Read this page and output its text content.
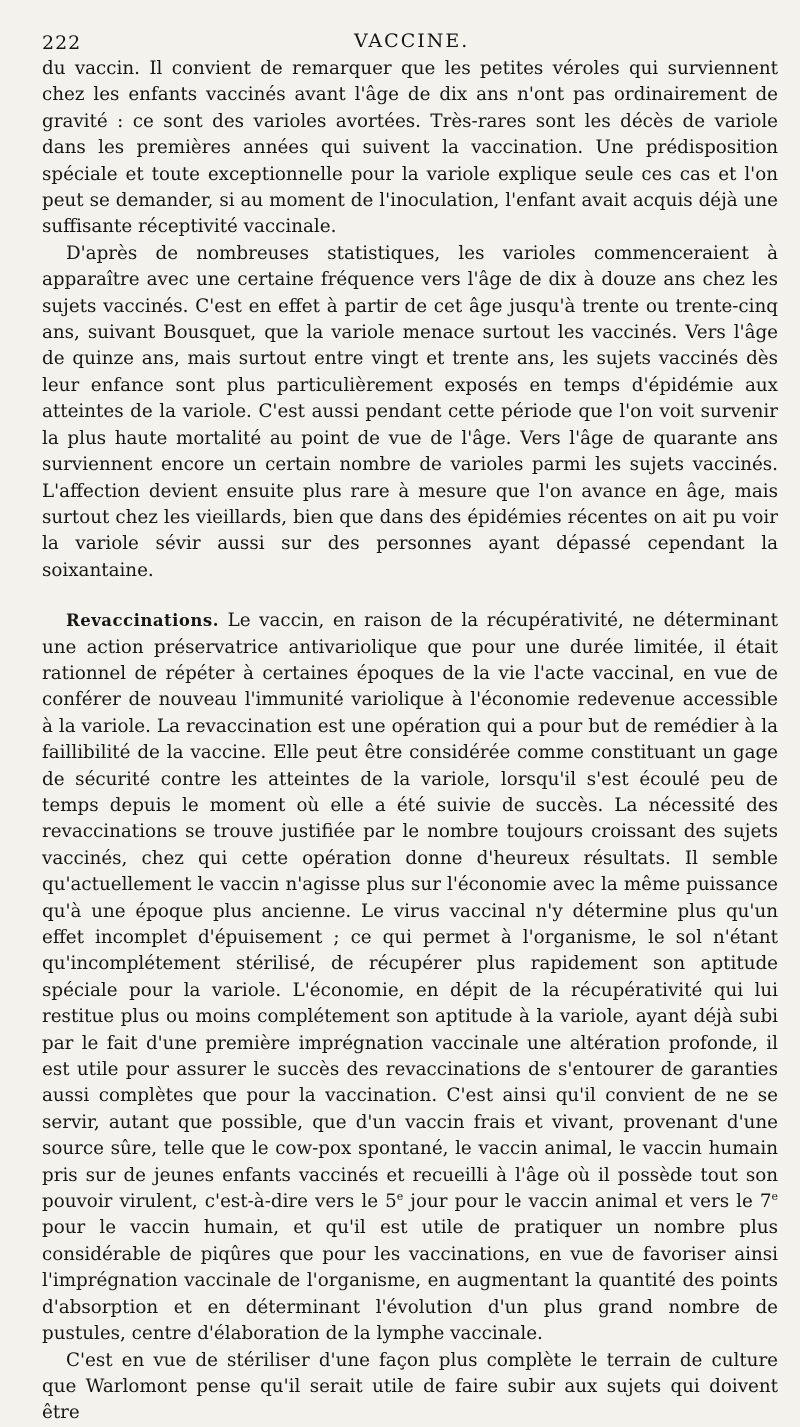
222	VACCINE.

du vaccin. Il convient de remarquer que les petites véroles qui surviennent chez les enfants vaccinés avant l'âge de dix ans n'ont pas ordinairement de gravité : ce sont des varioles avortées. Très-rares sont les décès de variole dans les premières années qui suivent la vaccination. Une prédisposition spéciale et toute exceptionnelle pour la variole explique seule ces cas et l'on peut se demander, si au moment de l'inoculation, l'enfant avait acquis déjà une suffisante réceptivité vaccinale.

D'après de nombreuses statistiques, les varioles commenceraient à apparaître avec une certaine fréquence vers l'âge de dix à douze ans chez les sujets vaccinés. C'est en effet à partir de cet âge jusqu'à trente ou trente-cinq ans, suivant Bousquet, que la variole menace surtout les vaccinés. Vers l'âge de quinze ans, mais surtout entre vingt et trente ans, les sujets vaccinés dès leur enfance sont plus particulièrement exposés en temps d'épidémie aux atteintes de la variole. C'est aussi pendant cette période que l'on voit survenir la plus haute mortalité au point de vue de l'âge. Vers l'âge de quarante ans surviennent encore un certain nombre de varioles parmi les sujets vaccinés. L'affection devient ensuite plus rare à mesure que l'on avance en âge, mais surtout chez les vieillards, bien que dans des épidémies récentes on ait pu voir la variole sévir aussi sur des personnes ayant dépassé cependant la soixantaine.

Revaccinations. Le vaccin, en raison de la récupérativité, ne déterminant une action préservatrice antivariolique que pour une durée limitée, il était rationnel de répéter à certaines époques de la vie l'acte vaccinal, en vue de conférer de nouveau l'immunité variolique à l'économie redevenue accessible à la variole. La revaccination est une opération qui a pour but de remédier à la faillibilité de la vaccine. Elle peut être considérée comme constituant un gage de sécurité contre les atteintes de la variole, lorsqu'il s'est écoulé peu de temps depuis le moment où elle a été suivie de succès. La nécessité des revaccinations se trouve justifiée par le nombre toujours croissant des sujets vaccinés, chez qui cette opération donne d'heureux résultats. Il semble qu'actuellement le vaccin n'agisse plus sur l'économie avec la même puissance qu'à une époque plus ancienne. Le virus vaccinal n'y détermine plus qu'un effet incomplet d'épuisement ; ce qui permet à l'organisme, le sol n'étant qu'incomplétement stérilisé, de récupérer plus rapidement son aptitude spéciale pour la variole. L'économie, en dépit de la récupérativité qui lui restitue plus ou moins complétement son aptitude à la variole, ayant déjà subi par le fait d'une première imprégnation vaccinale une altération profonde, il est utile pour assurer le succès des revaccinations de s'entourer de garanties aussi complètes que pour la vaccination. C'est ainsi qu'il convient de ne se servir, autant que possible, que d'un vaccin frais et vivant, provenant d'une source sûre, telle que le cow-pox spontané, le vaccin animal, le vaccin humain pris sur de jeunes enfants vaccinés et recueilli à l'âge où il possède tout son pouvoir virulent, c'est-à-dire vers le 5e jour pour le vaccin animal et vers le 7e pour le vaccin humain, et qu'il est utile de pratiquer un nombre plus considérable de piqûres que pour les vaccinations, en vue de favoriser ainsi l'imprégnation vaccinale de l'organisme, en augmentant la quantité des points d'absorption et en déterminant l'évolution d'un plus grand nombre de pustules, centre d'élaboration de la lymphe vaccinale.

C'est en vue de stériliser d'une façon plus complète le terrain de culture que Warlomont pense qu'il serait utile de faire subir aux sujets qui doivent être
